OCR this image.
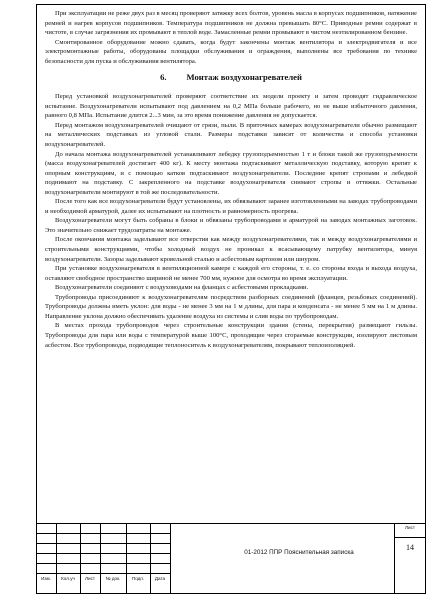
При эксплуатации не реже двух раз в месяц проверяют затяжку всех болтов, уровень масла в корпусах подшипников, натяжение ремней и нагрев корпусов подшипников. Температура подшипников не должна превышать 80°С. Приводные ремни содержат в чистоте, в случае загрязнения их промывают в теплой воде. Замасленные ремни промывают в чистом неэтилированном бензине.

Смонтированное оборудование можно сдавать, когда будут закончены монтаж вентилятора и электродвигателя и все электромонтажные работы, оборудованы площадки обслуживания и ограждения, выполнены все требования по технике безопасности для пуска и обслуживания вентилятора.

6. Монтаж воздухонагревателей

Перед установкой воздухонагревателей проверяют соответствие их модели проекту и затем проводят гидравлическое испытание. Воздухонагреватели испытывают под давлением на 0,2 МПа больше рабочего, но не выше избыточного давления, равного 0,8 МПа. Испытание длится 2...3 мин, за это время понижение давления не допускается.

Перед монтажом воздухонагревателей очищают от грязи, пыли. В приточных камерах воздухонагреватели обычно размещают на металлических подставках из угловой стали. Размеры подставки зависят от количества и способа установки воздухонагревателей.

До начала монтажа воздухонагревателей устанавливают лебедку грузоподъемностью 1 т и блоки такой же грузоподъемности (масса воздухонагревателей достигает 400 кг). К месту монтажа подтаскивают металлическую подставку, которую крепят к опорным конструкциям, и с помощью катков подтаскивают воздухонагреватели. Последние крепят стропами и лебедкой поднимают на подставку. С закрепленного на подставке воздухонагревателя снимают стропы и оттяжки. Остальные воздухонагреватели монтируют в той же последовательности.

После того как все воздухонагреватели будут установлены, их обвязывают заранее изготовленными на заводах трубопроводами и необходимой арматурой, далее их испытывают на плотность и равномерность прогрева.

Воздухонагреватели могут быть собраны в блоки и обвязаны трубопроводами и арматурой на заводах монтажных заготовок. Это значительно снижает трудозатраты на монтаже.

После окончания монтажа заделывают все отверстия как между воздухонагревателями, так и между воздухонагревателями и строительными конструкциями, чтобы холодный воздух не проникал к всасывающему патрубку вентилятора, минуя воздухонагреватели. Зазоры заделывают кровельной сталью и асбестовым картоном или шнуром.

При установке воздухонагревателя в вентиляционной камере с каждой его стороны, т. е. со стороны входа и выхода воздуха, оставляют свободное пространство шириной не менее 700 мм, нужное для осмотра во время эксплуатации.

Воздухонагреватели соединяют с воздуховодами на фланцах с асбестовыми прокладками.

Трубопроводы присоединяют к воздухонагревателям посредством разборных соединений (фланцев, резьбовых соединений). Трубопроводы должны иметь уклон: для воды - не менее 3 мм на 1 м длины, для пара и конденсата - не менее 5 мм на 1 м длины. Направление уклона должно обеспечивать удаление воздуха из системы и слив воды по трубопроводам.

В местах прохода трубопроводов через строительные конструкции здания (стены, перекрытия) размещают гильзы. Трубопроводы для пара или воды с температурой выше 100°С, проходящие через сгораемые конструкции, изолируют листовым асбестом. Все трубопроводы, подводящие теплоноситель к воздухонагревателям, покрывают теплоизоляцией.

Изм.	Кол.уч	Лист	№ док.	Подп.	Дата
01-2012 ППР Пояснительная записка
Лист
14
